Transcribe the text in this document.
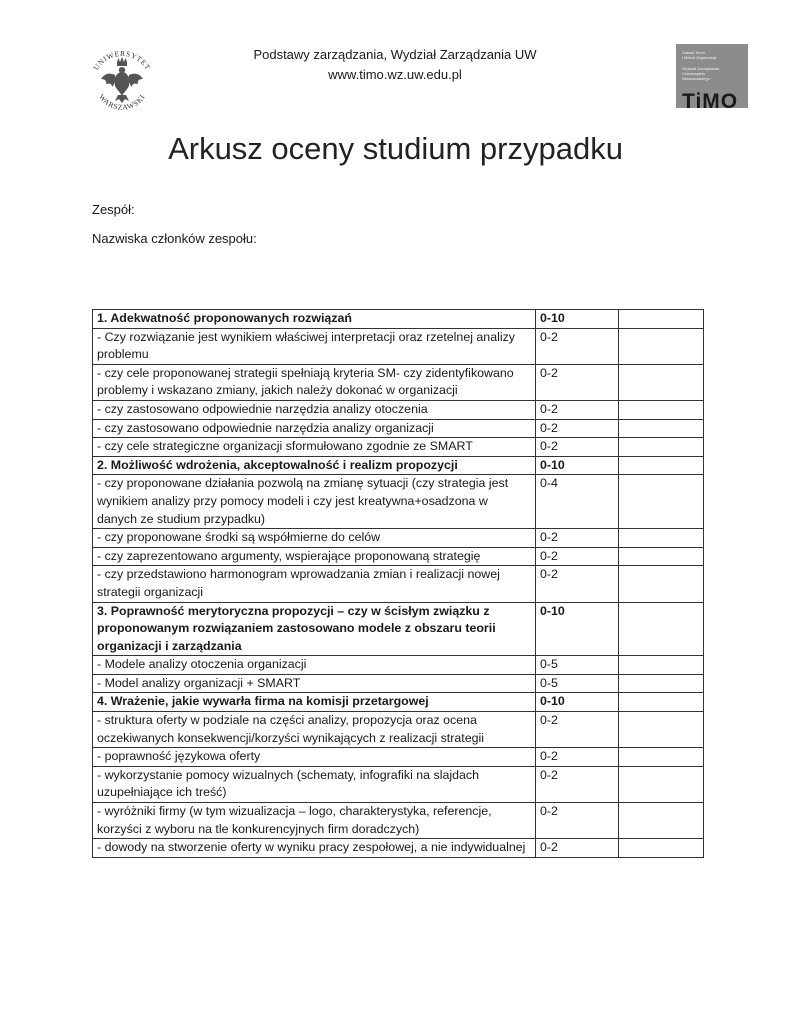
UNIWERSYTET
WARSZAWSKI
Podstawy zarządzania, Wydział Zarządzania UW
www.timo.wz.uw.edu.pl
Zakład Teorii
i Metod Organizacji
Wydział Zarządzania
Uniwersytetu
Warszawskiego
TiMO
Arkusz oceny studium przypadku
Zespół:
Nazwiska członków zespołu:
1. Adekwatność proponowanych rozwiązań	0-10	
- Czy rozwiązanie jest wynikiem właściwej interpretacji oraz rzetelnej analizy problemu	0-2	
- czy cele proponowanej strategii spełniają kryteria SM- czy zidentyfikowano problemy i wskazano zmiany, jakich należy dokonać w organizacji	0-2	
- czy zastosowano odpowiednie narzędzia analizy otoczenia	0-2	
- czy zastosowano odpowiednie narzędzia analizy organizacji	0-2	
- czy cele strategiczne organizacji sformułowano zgodnie ze SMART	0-2	
2. Możliwość wdrożenia, akceptowalność i realizm propozycji	0-10	
- czy proponowane działania pozwolą na zmianę sytuacji (czy strategia jest wynikiem analizy przy pomocy modeli i czy jest kreatywna+osadzona w danych ze studium przypadku)	0-4	
- czy proponowane środki są współmierne do celów	0-2	
- czy zaprezentowano argumenty, wspierające proponowaną strategię	0-2	
- czy przedstawiono harmonogram wprowadzania zmian i realizacji nowej strategii organizacji	0-2	
3. Poprawność merytoryczna propozycji – czy w ścisłym związku z proponowanym rozwiązaniem zastosowano modele z obszaru teorii organizacji i zarządzania	0-10	
- Modele analizy otoczenia organizacji	0-5	
- Model analizy organizacji + SMART	0-5	
4. Wrażenie, jakie wywarła firma na komisji przetargowej	0-10	
- struktura oferty w podziale na części analizy, propozycja oraz ocena oczekiwanych konsekwencji/korzyści wynikających z realizacji strategii	0-2	
- poprawność językowa oferty	0-2	
- wykorzystanie pomocy wizualnych (schematy, infografiki na slajdach uzupełniające ich treść)	0-2	
- wyróżniki firmy (w tym wizualizacja – logo, charakterystyka, referencje, korzyści z wyboru na tle konkurencyjnych firm doradczych)	0-2	
- dowody na stworzenie oferty w wyniku pracy zespołowej, a nie indywidualnej	0-2	
